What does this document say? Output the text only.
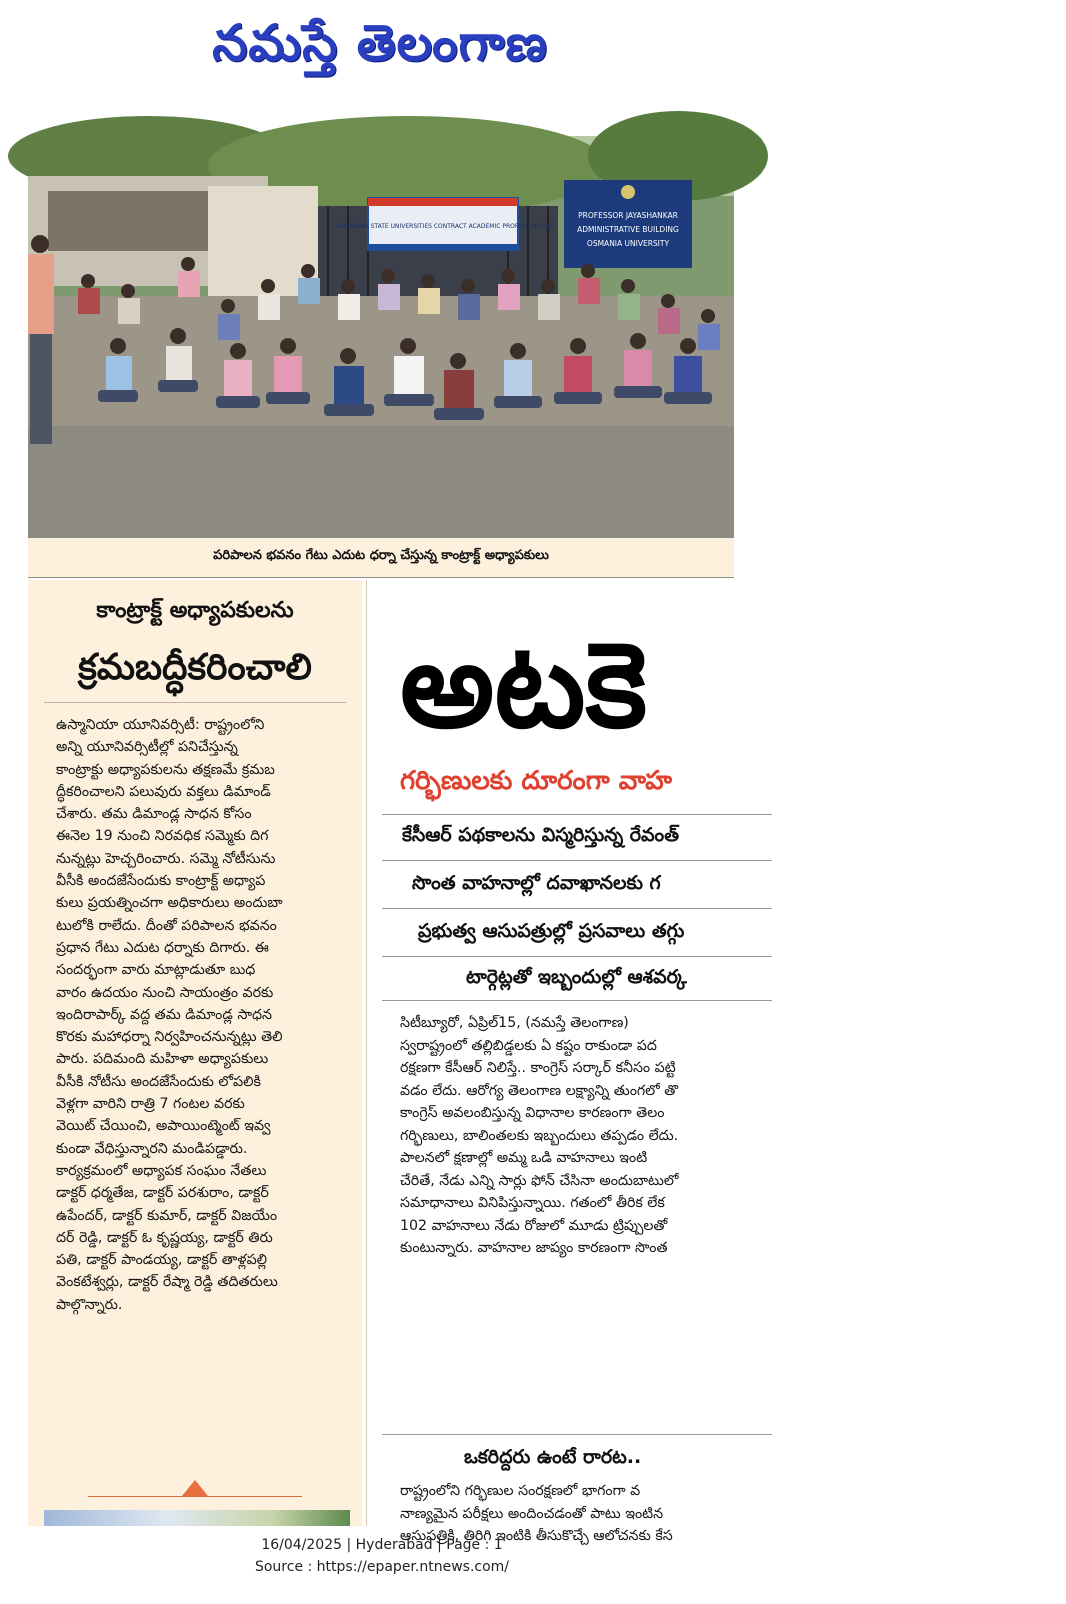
నమస్తే తెలంగాణ
TELANGANA STATE UNIVERSITIES CONTRACT ACADEMIC PROFESSORS JAC
PROFESSOR JAYASHANKAR
ADMINISTRATIVE BUILDING
OSMANIA UNIVERSITY
పరిపాలన భవనం గేటు ఎదుట ధర్నా చేస్తున్న కాంట్రాక్ట్ అధ్యాపకులు
కాంట్రాక్ట్ అధ్యాపకులను
క్రమబద్ధీకరించాలి
ఉస్మానియా యూనివర్సిటీ: రాష్ట్రంలోని
అన్ని యూనివర్సిటీల్లో పనిచేస్తున్న
కాంట్రాక్టు అధ్యాపకులను తక్షణమే క్రమబ
ద్ధీకరించాలని పలువురు వక్తలు డిమాండ్
చేశారు. తమ డిమాండ్ల సాధన కోసం
ఈనెల 19 నుంచి నిరవధిక సమ్మెకు దిగ
నున్నట్లు హెచ్చరించారు. సమ్మె నోటీసును
వీసీకి అందజేసేందుకు కాంట్రాక్ట్ అధ్యాప
కులు ప్రయత్నించగా అధికారులు అందుబా
టులోకి రాలేదు. దీంతో పరిపాలన భవనం
ప్రధాన గేటు ఎదుట ధర్నాకు దిగారు. ఈ
సందర్భంగా వారు మాట్లాడుతూ బుధ
వారం ఉదయం నుంచి సాయంత్రం వరకు
ఇందిరాపార్క్ వద్ద తమ డిమాండ్ల సాధన
కొరకు మహాధర్నా నిర్వహించనున్నట్లు తెలి
పారు. పదిమంది మహిళా అధ్యాపకులు
వీసీకి నోటీసు అందజేసేందుకు లోపలికి
వెళ్లగా వారిని రాత్రి 7 గంటల వరకు
వెయిట్ చేయించి, అపాయింట్మెంట్ ఇవ్వ
కుండా వేధిస్తున్నారని మండిపడ్డారు.
కార్యక్రమంలో అధ్యాపక సంఘం నేతలు
డాక్టర్ ధర్మతేజ, డాక్టర్ పరశురాం, డాక్టర్
ఉపేందర్, డాక్టర్ కుమార్, డాక్టర్ విజయేం
దర్ రెడ్డి, డాక్టర్ ఓ కృష్ణయ్య, డాక్టర్ తిరు
పతి, డాక్టర్ పాండయ్య, డాక్టర్ తాళ్లపల్లి
వెంకటేశ్వర్లు, డాక్టర్ రేష్మా రెడ్డి తదితరులు
పాల్గొన్నారు.
అటకె
గర్భిణులకు దూరంగా వాహ
కేసీఆర్ పథకాలను విస్మరిస్తున్న రేవంత్
సొంత వాహనాల్లో దవాఖానలకు గ
ప్రభుత్వ ఆసుపత్రుల్లో ప్రసవాలు తగ్గు
టార్గెట్లతో ఇబ్బందుల్లో ఆశవర్క
సిటీబ్యూరో, ఏప్రిల్15, (నమస్తే తెలంగాణ)
స్వరాష్ట్రంలో తల్లిబిడ్డలకు ఏ కష్టం రాకుండా పద
రక్షణగా కేసీఆర్ నిలిస్తే.. కాంగ్రెస్ సర్కార్ కనీసం పట్టి
వడం లేదు. ఆరోగ్య తెలంగాణ లక్ష్యాన్ని తుంగలో తొ
కాంగ్రెస్ అవలంబిస్తున్న విధానాల కారణంగా తెలం
గర్భిణులు, బాలింతలకు ఇబ్బందులు తప్పడం లేదు.
పాలనలో క్షణాల్లో అమ్మ ఒడి వాహనాలు ఇంటి
చేరితే, నేడు ఎన్ని సార్లు ఫోన్ చేసినా అందుబాటులో
సమాధానాలు వినిపిస్తున్నాయి. గతంలో తీరిక లేక
102 వాహనాలు నేడు రోజులో మూడు ట్రిప్పులతో
కుంటున్నారు. వాహనాల జాప్యం కారణంగా సొంత
ఒకరిద్దరు ఉంటే రారట..
రాష్ట్రంలోని గర్భిణుల సంరక్షణలో భాగంగా వ
నాణ్యమైన పరీక్షలు అందించడంతో పాటు ఇంటిన
ఆసుపత్రికి, తిరిగి ఇంటికి తీసుకొచ్చే ఆలోచనకు కేస
16/04/2025 | Hyderabad | Page : 1
Source : https://epaper.ntnews.com/
